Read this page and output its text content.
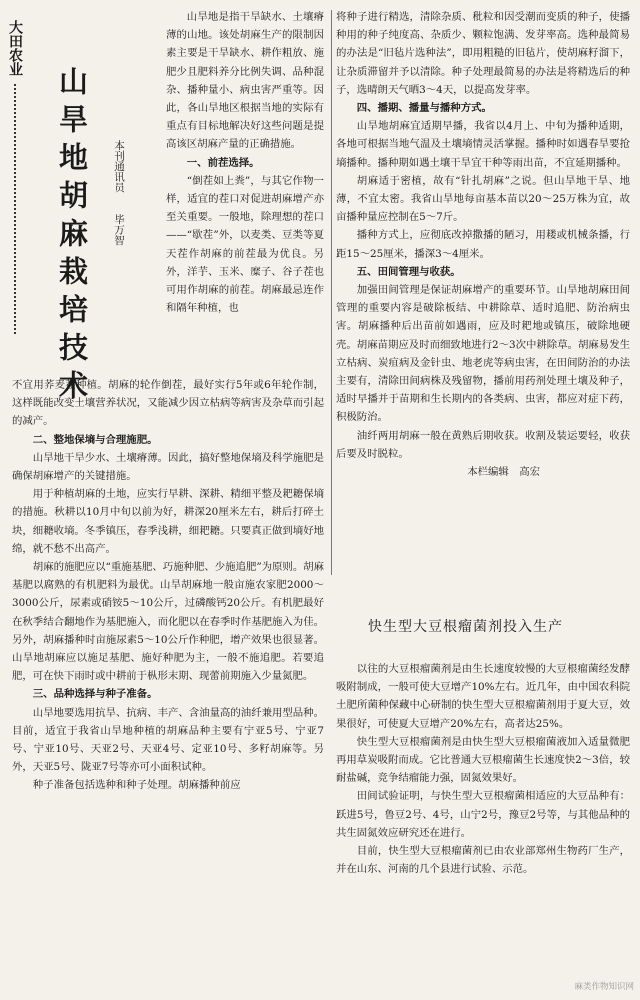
大田农业
山旱地胡麻栽培技术	本刊通讯员 毕万智

山旱地是指干旱缺水、土壤瘠薄的山地。该处胡麻生产的限制因素主要是干旱缺水、耕作粗放、施肥少且肥料养分比例失调、品种混杂、播种量小、病虫害严重等。因此，各山旱地区根据当地的实际有重点有目标地解决好这些问题是提高该区胡麻产量的正确措施。

一、前茬选择。

“倒茬如上粪”，与其它作物一样，适宜的茬口对促进胡麻增产亦至关重要。一般地，除理想的茬口——“歇茬”外，以麦类、豆类等夏天茬作胡麻的前茬最为优良。另外，洋芋、玉米、糜子、谷子茬也可用作胡麻的前茬。胡麻最忌连作和隔年种植，也

不宜用荞麦茬种植。胡麻的轮作倒茬，最好实行5年或6年轮作制，这样既能改变土壤营养状况，又能减少因立枯病等病害及杂草而引起的减产。

二、整地保墒与合理施肥。

山旱地干旱少水、土壤瘠薄。因此，搞好整地保墒及科学施肥是确保胡麻增产的关键措施。

用于种植胡麻的土地，应实行早耕、深耕、精细平整及耙耱保墒的措施。秋耕以10月中旬以前为好，耕深20厘米左右，耕后打碎土块，细耱收墒。冬季镇压，春季浅耕，细耙耱。只要真正做到墒好地绵，就不愁不出高产。

胡麻的施肥应以“重施基肥、巧施种肥、少施追肥”为原则。胡麻基肥以腐熟的有机肥料为最优。山旱胡麻地一般亩施农家肥2000～3000公斤，尿素或硝铵5～10公斤，过磷酸钙20公斤。有机肥最好在秋季结合翻地作为基肥施入，而化肥以在春季时作基肥施入为佳。另外，胡麻播种时亩施尿素5～10公斤作种肥，增产效果也很显著。山旱地胡麻应以施足基肥、施好种肥为主，一般不施追肥。若要追肥，可在快下雨时或中耕前于枞形末期、现蕾前期施入少量氮肥。

三、品种选择与种子准备。

山旱地要选用抗旱、抗病、丰产、含油量高的油纤兼用型品种。目前，适宜于我省山旱地种植的胡麻品种主要有宁亚5号、宁亚7号、宁亚10号、天亚2号、天亚4号、定亚10号、多籽胡麻等。另外，天亚5号、陇亚7号等亦可小面积试种。

种子准备包括选种和种子处理。胡麻播种前应

将种子进行精选，清除杂质、秕粒和因受潮而变质的种子，使播种用的种子纯度高、杂质少、颗粒饱满、发芽率高。选种最简易的办法是“旧毡片选种法”，即用粗糙的旧毡片，使胡麻籽溜下，让杂质滞留并予以清除。种子处理最简易的办法是将精选后的种子，选晴朗天气晒3～4天，以提高发芽率。

四、播期、播量与播种方式。

山旱地胡麻宜适期早播，我省以4月上、中旬为播种适期，各地可根据当地气温及土壤墒情灵活掌握。播种时如遇春旱要抢墒播种。播种期如遇土壤干旱宜干种等雨出苗，不宜延期播种。

胡麻适于密植，故有“针扎胡麻”之说。但山旱地干旱、地薄，不宜太密。我省山旱地每亩基本苗以20～25万株为宜，故亩播种量应控制在5～7斤。

播种方式上，应彻底改掉撒播的陋习，用耧或机械条播，行距15～25厘米，播深3～4厘米。

五、田间管理与收获。

加强田间管理是保证胡麻增产的重要环节。山旱地胡麻田间管理的重要内容是破除板结、中耕除草、适时追肥、防治病虫害。胡麻播种后出苗前如遇雨，应及时耙地或镇压，破除地硬壳。胡麻苗期应及时而细致地进行2～3次中耕除草。胡麻易发生立枯病、炭疽病及金针虫、地老虎等病虫害，在田间防治的办法主要有，清除田间病株及残留物，播前用药剂处理土壤及种子，适时早播并于苗期和生长期内的各类病、虫害，都应对症下药，积极防治。

油纤两用胡麻一般在黄熟后期收获。收割及装运要轻，收获后要及时脱粒。

本栏编辑　高宏

快生型大豆根瘤菌剂投入生产

以往的大豆根瘤菌剂是由生长速度较慢的大豆根瘤菌经发酵吸附制成，一般可使大豆增产10%左右。近几年，由中国农科院土肥所菌种保藏中心研制的快生型大豆根瘤菌剂用于夏大豆，效果很好，可使夏大豆增产20%左右，高者达25%。

快生型大豆根瘤菌剂是由快生型大豆根瘤菌液加入适量微肥再用草炭吸附而成。它比普通大豆根瘤菌生长速度快2～3倍，较耐盐碱，竞争结瘤能力强，固氮效果好。

田间试验证明，与快生型大豆根瘤菌相适应的大豆品种有：跃进5号，鲁豆2号、4号，山宁2号，豫豆2号等，与其他品种的共生固氮效应研究还在进行。

目前，快生型大豆根瘤菌剂已由农业部郑州生物药厂生产，并在山东、河南的几个县进行试验、示范。

麻类作物知识网
